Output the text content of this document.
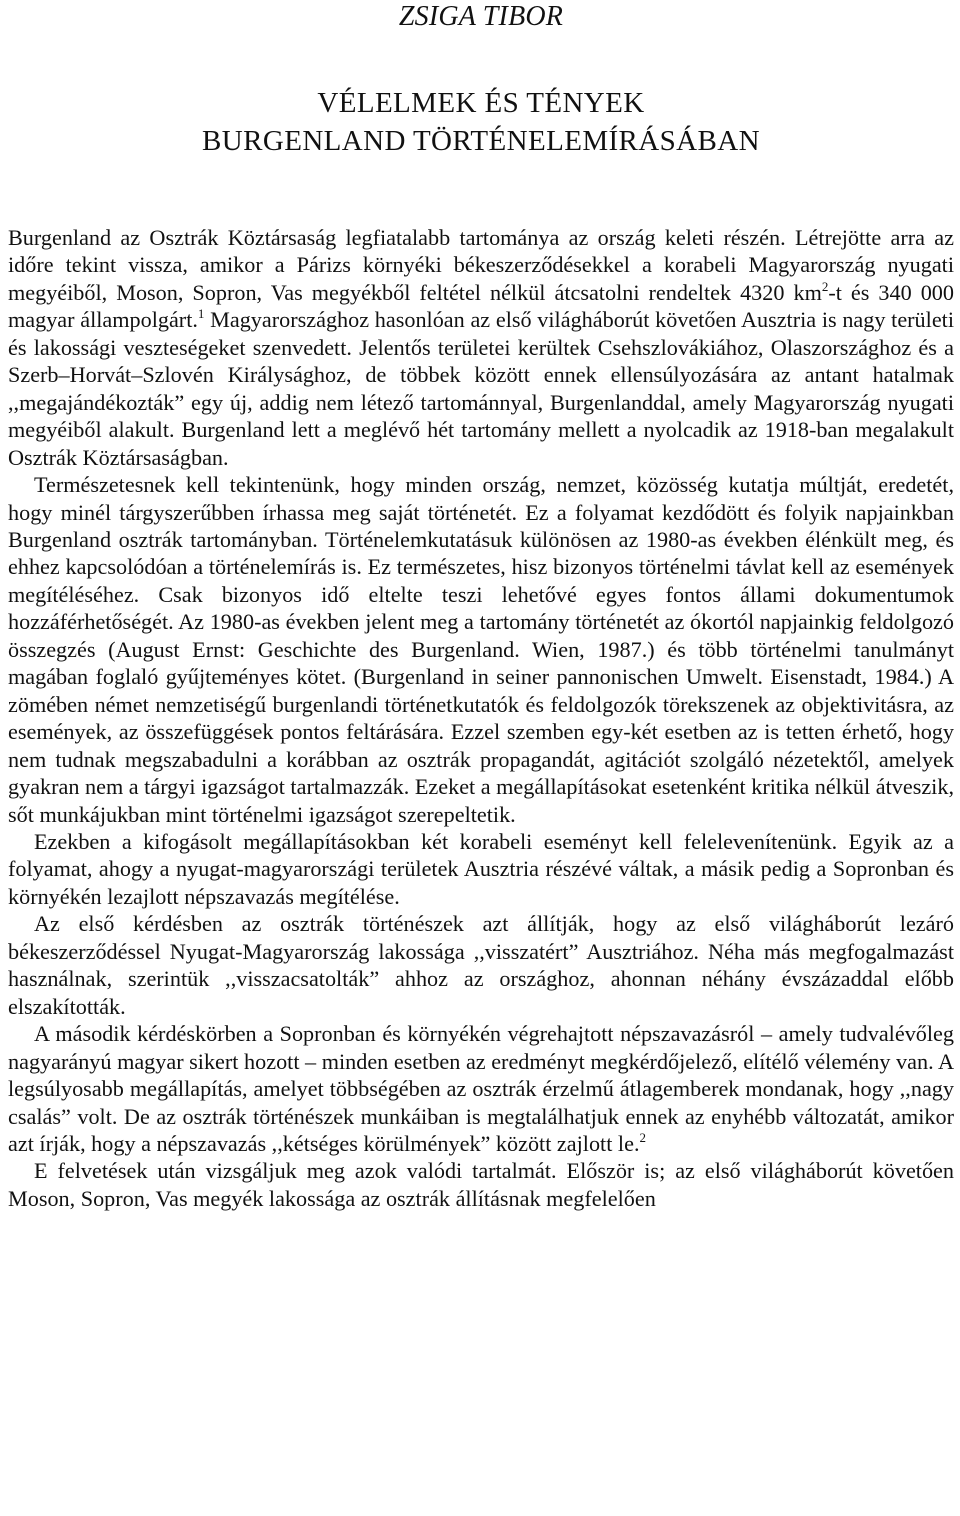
ZSIGA TIBOR
VÉLELMEK ÉS TÉNYEK
BURGENLAND TÖRTÉNELEMÍRÁSÁBAN

Burgenland az Osztrák Köztársaság legfiatalabb tartománya az ország keleti részén. Létrejötte arra az időre tekint vissza, amikor a Párizs környéki békeszerződésekkel a korabeli Magyarország nyugati megyéiből, Moson, Sopron, Vas megyékből feltétel nélkül átcsatolni rendeltek 4320 $km^2-t$ és 340 000 magyar állampolgárt.$^1$ Magyarországhoz hasonlóan az első világháborút követően Ausztria is nagy területi és lakossági veszteségeket szenvedett. Jelentős területei kerültek Csehszlovákiához, Olaszországhoz és a Szerb–Horvát–Szlovén Királysághoz, de többek között ennek ellensúlyozására az antant hatalmak ,,megajándékozták” egy új, addig nem létező tartománnyal, Burgenlanddal, amely Magyarország nyugati megyéiből alakult. Burgenland lett a meglévő hét tartomány mellett a nyolcadik az 1918-ban megalakult Osztrák Köztársaságban.

Természetesnek kell tekintenünk, hogy minden ország, nemzet, közösség kutatja múltját, eredetét, hogy minél tárgyszerűbben írhassa meg saját történetét. Ez a folyamat kezdődött és folyik napjainkban Burgenland osztrák tartományban. Történelemkutatásuk különösen az 1980-as években élénkült meg, és ehhez kapcsolódóan a történelemírás is. Ez természetes, hisz bizonyos történelmi távlat kell az események megítéléséhez. Csak bizonyos idő eltelte teszi lehetővé egyes fontos állami dokumentumok hozzáférhetőségét. Az 1980-as években jelent meg a tartomány történetét az ókortól napjainkig feldolgozó összegzés (August Ernst: Geschichte des Burgenland. Wien, 1987.) és több történelmi tanulmányt magában foglaló gyűjteményes kötet. (Burgenland in seiner pannonischen Umwelt. Eisenstadt, 1984.) A zömében német nemzetiségű burgenlandi történetkutatók és feldolgozók törekszenek az objektivitásra, az események, az összefüggések pontos feltárására. Ezzel szemben egy-két esetben az is tetten érhető, hogy nem tudnak megszabadulni a korábban az osztrák propagandát, agitációt szolgáló nézetektől, amelyek gyakran nem a tárgyi igazságot tartalmazzák. Ezeket a megállapításokat esetenként kritika nélkül átveszik, sőt munkájukban mint történelmi igazságot szerepeltetik.

Ezekben a kifogásolt megállapításokban két korabeli eseményt kell felelevenítenünk. Egyik az a folyamat, ahogy a nyugat-magyarországi területek Ausztria részévé váltak, a másik pedig a Sopronban és környékén lezajlott népszavazás megítélése.

Az első kérdésben az osztrák történészek azt állítják, hogy az első világháborút lezáró békeszerződéssel Nyugat-Magyarország lakossága ,,visszatért” Ausztriához. Néha más megfogalmazást használnak, szerintük ,,visszacsatolták” ahhoz az országhoz, ahonnan néhány évszázaddal előbb elszakították.

A második kérdéskörben a Sopronban és környékén végrehajtott népszavazásról – amely tudvalévőleg nagyarányú magyar sikert hozott – minden esetben az eredményt megkérdőjelező, elítélő vélemény van. A legsúlyosabb megállapítás, amelyet többségében az osztrák érzelmű átlagemberek mondanak, hogy ,,nagy csalás” volt. De az osztrák történészek munkáiban is megtalálhatjuk ennek az enyhébb változatát, amikor azt írják, hogy a népszavazás ,,kétséges körülmények” között zajlott le.$^2$

E felvetések után vizsgáljuk meg azok valódi tartalmát. Először is; az első világháborút követően Moson, Sopron, Vas megyék lakossága az osztrák állításnak megfelelően
